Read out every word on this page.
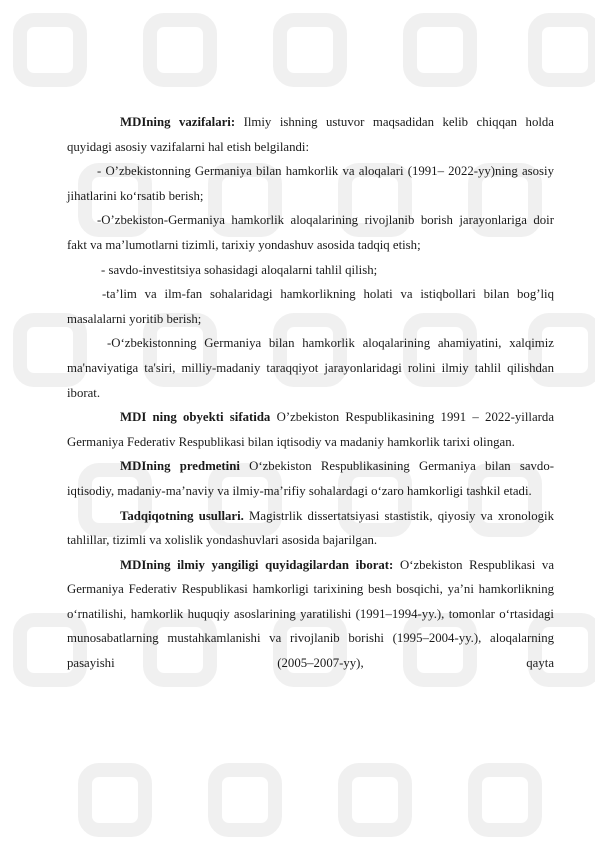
MDIning vazifalari: Ilmiy ishning ustuvor maqsadidan kelib chiqqan holda quyidagi asosiy vazifalarni hal etish belgilandi:

- O’zbekistonning Germaniya bilan hamkorlik va aloqalari (1991– 2022-yy)ning asosiy jihatlarini ko‘rsatib berish;

-O’zbekiston-Germaniya hamkorlik aloqalarining rivojlanib borish jarayonlariga doir fakt va ma’lumotlarni tizimli, tarixiy yondashuv asosida tadqiq etish;

- savdo-investitsiya sohasidagi aloqalarni tahlil qilish;

-ta’lim va ilm-fan sohalaridagi hamkorlikning holati va istiqbollari bilan bog’liq masalalarni yoritib berish;

-O‘zbekistonning Germaniya bilan hamkorlik aloqalarining ahamiyatini, xalqimiz ma'naviyatiga ta'siri, milliy-madaniy taraqqiyot jarayonlaridagi rolini ilmiy tahlil qilishdan iborat.

MDI ning obyekti sifatida O’zbekiston Respublikasining 1991 – 2022-yillarda Germaniya Federativ Respublikasi bilan iqtisodiy va madaniy hamkorlik tarixi olingan.

MDIning predmetini O‘zbekiston Respublikasining Germaniya bilan savdo-iqtisodiy, madaniy-ma’naviy va ilmiy-ma’rifiy sohalardagi o‘zaro hamkorligi tashkil etadi.

Tadqiqotning usullari. Magistrlik dissertatsiyasi stastistik, qiyosiy va xronologik tahlillar, tizimli va xolislik yondashuvlari asosida bajarilgan.

MDIning ilmiy yangiligi quyidagilardan iborat: O‘zbekiston Respublikasi va Germaniya Federativ Respublikasi hamkorligi tarixining besh bosqichi, ya’ni hamkorlikning o‘rnatilishi, hamkorlik huquqiy asoslarining yaratilishi (1991–1994-yy.), tomonlar o‘rtasidagi munosabatlarning mustahkamlanishi va rivojlanib borishi (1995–2004-yy.), aloqalarning pasayishi (2005–2007-yy), qayta
